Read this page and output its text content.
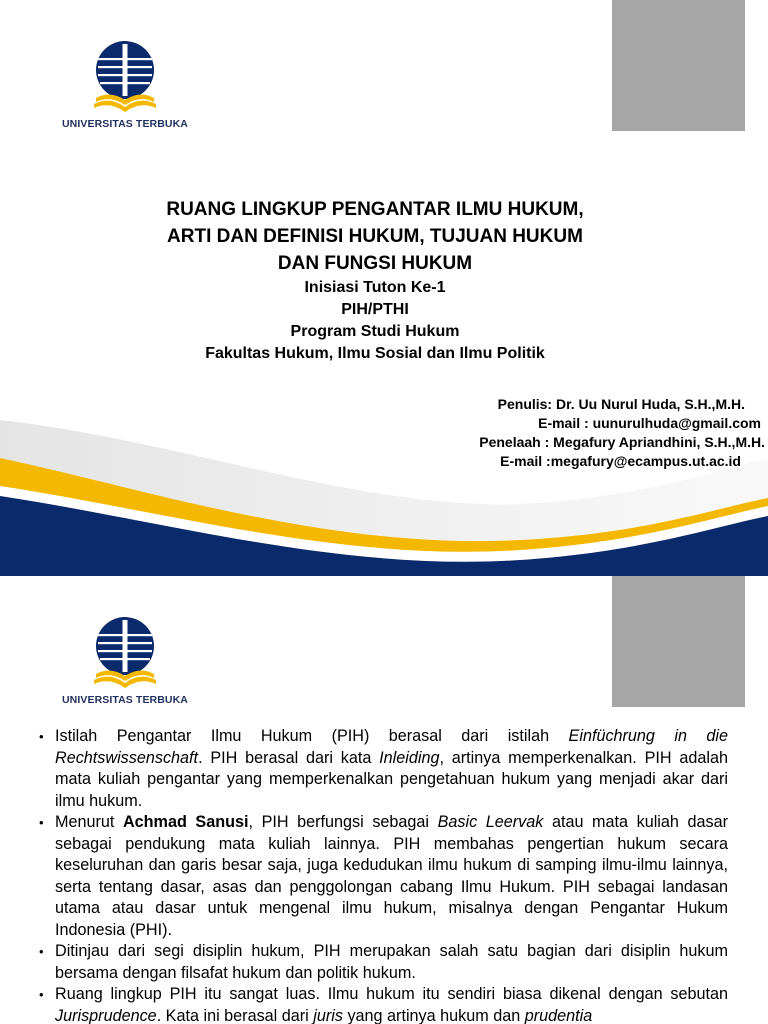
UNIVERSITAS TERBUKA
RUANG LINGKUP PENGANTAR ILMU HUKUM,
ARTI DAN DEFINISI HUKUM, TUJUAN HUKUM
DAN FUNGSI HUKUM
Inisiasi Tuton Ke-1
PIH/PTHI
Program Studi Hukum
Fakultas Hukum, Ilmu Sosial dan Ilmu Politik
Penulis: Dr. Uu Nurul Huda, S.H.,M.H.
E-mail : uunurulhuda@gmail.com
Penelaah : Megafury Apriandhini, S.H.,M.H.
E-mail :megafury@ecampus.ut.ac.id
UNIVERSITAS TERBUKA
• Istilah Pengantar Ilmu Hukum (PIH) berasal dari istilah Einfüchrung in die Rechtswissenschaft. PIH berasal dari kata Inleiding, artinya memperkenalkan. PIH adalah mata kuliah pengantar yang memperkenalkan pengetahuan hukum yang menjadi akar dari ilmu hukum.
• Menurut Achmad Sanusi, PIH berfungsi sebagai Basic Leervak atau mata kuliah dasar sebagai pendukung mata kuliah lainnya. PIH membahas pengertian hukum secara keseluruhan dan garis besar saja, juga kedudukan ilmu hukum di samping ilmu-ilmu lainnya, serta tentang dasar, asas dan penggolongan cabang Ilmu Hukum. PIH sebagai landasan utama atau dasar untuk mengenal ilmu hukum, misalnya dengan Pengantar Hukum Indonesia (PHI).
• Ditinjau dari segi disiplin hukum, PIH merupakan salah satu bagian dari disiplin hukum bersama dengan filsafat hukum dan politik hukum.
• Ruang lingkup PIH itu sangat luas. Ilmu hukum itu sendiri biasa dikenal dengan sebutan Jurisprudence. Kata ini berasal dari juris yang artinya hukum dan prudentia
